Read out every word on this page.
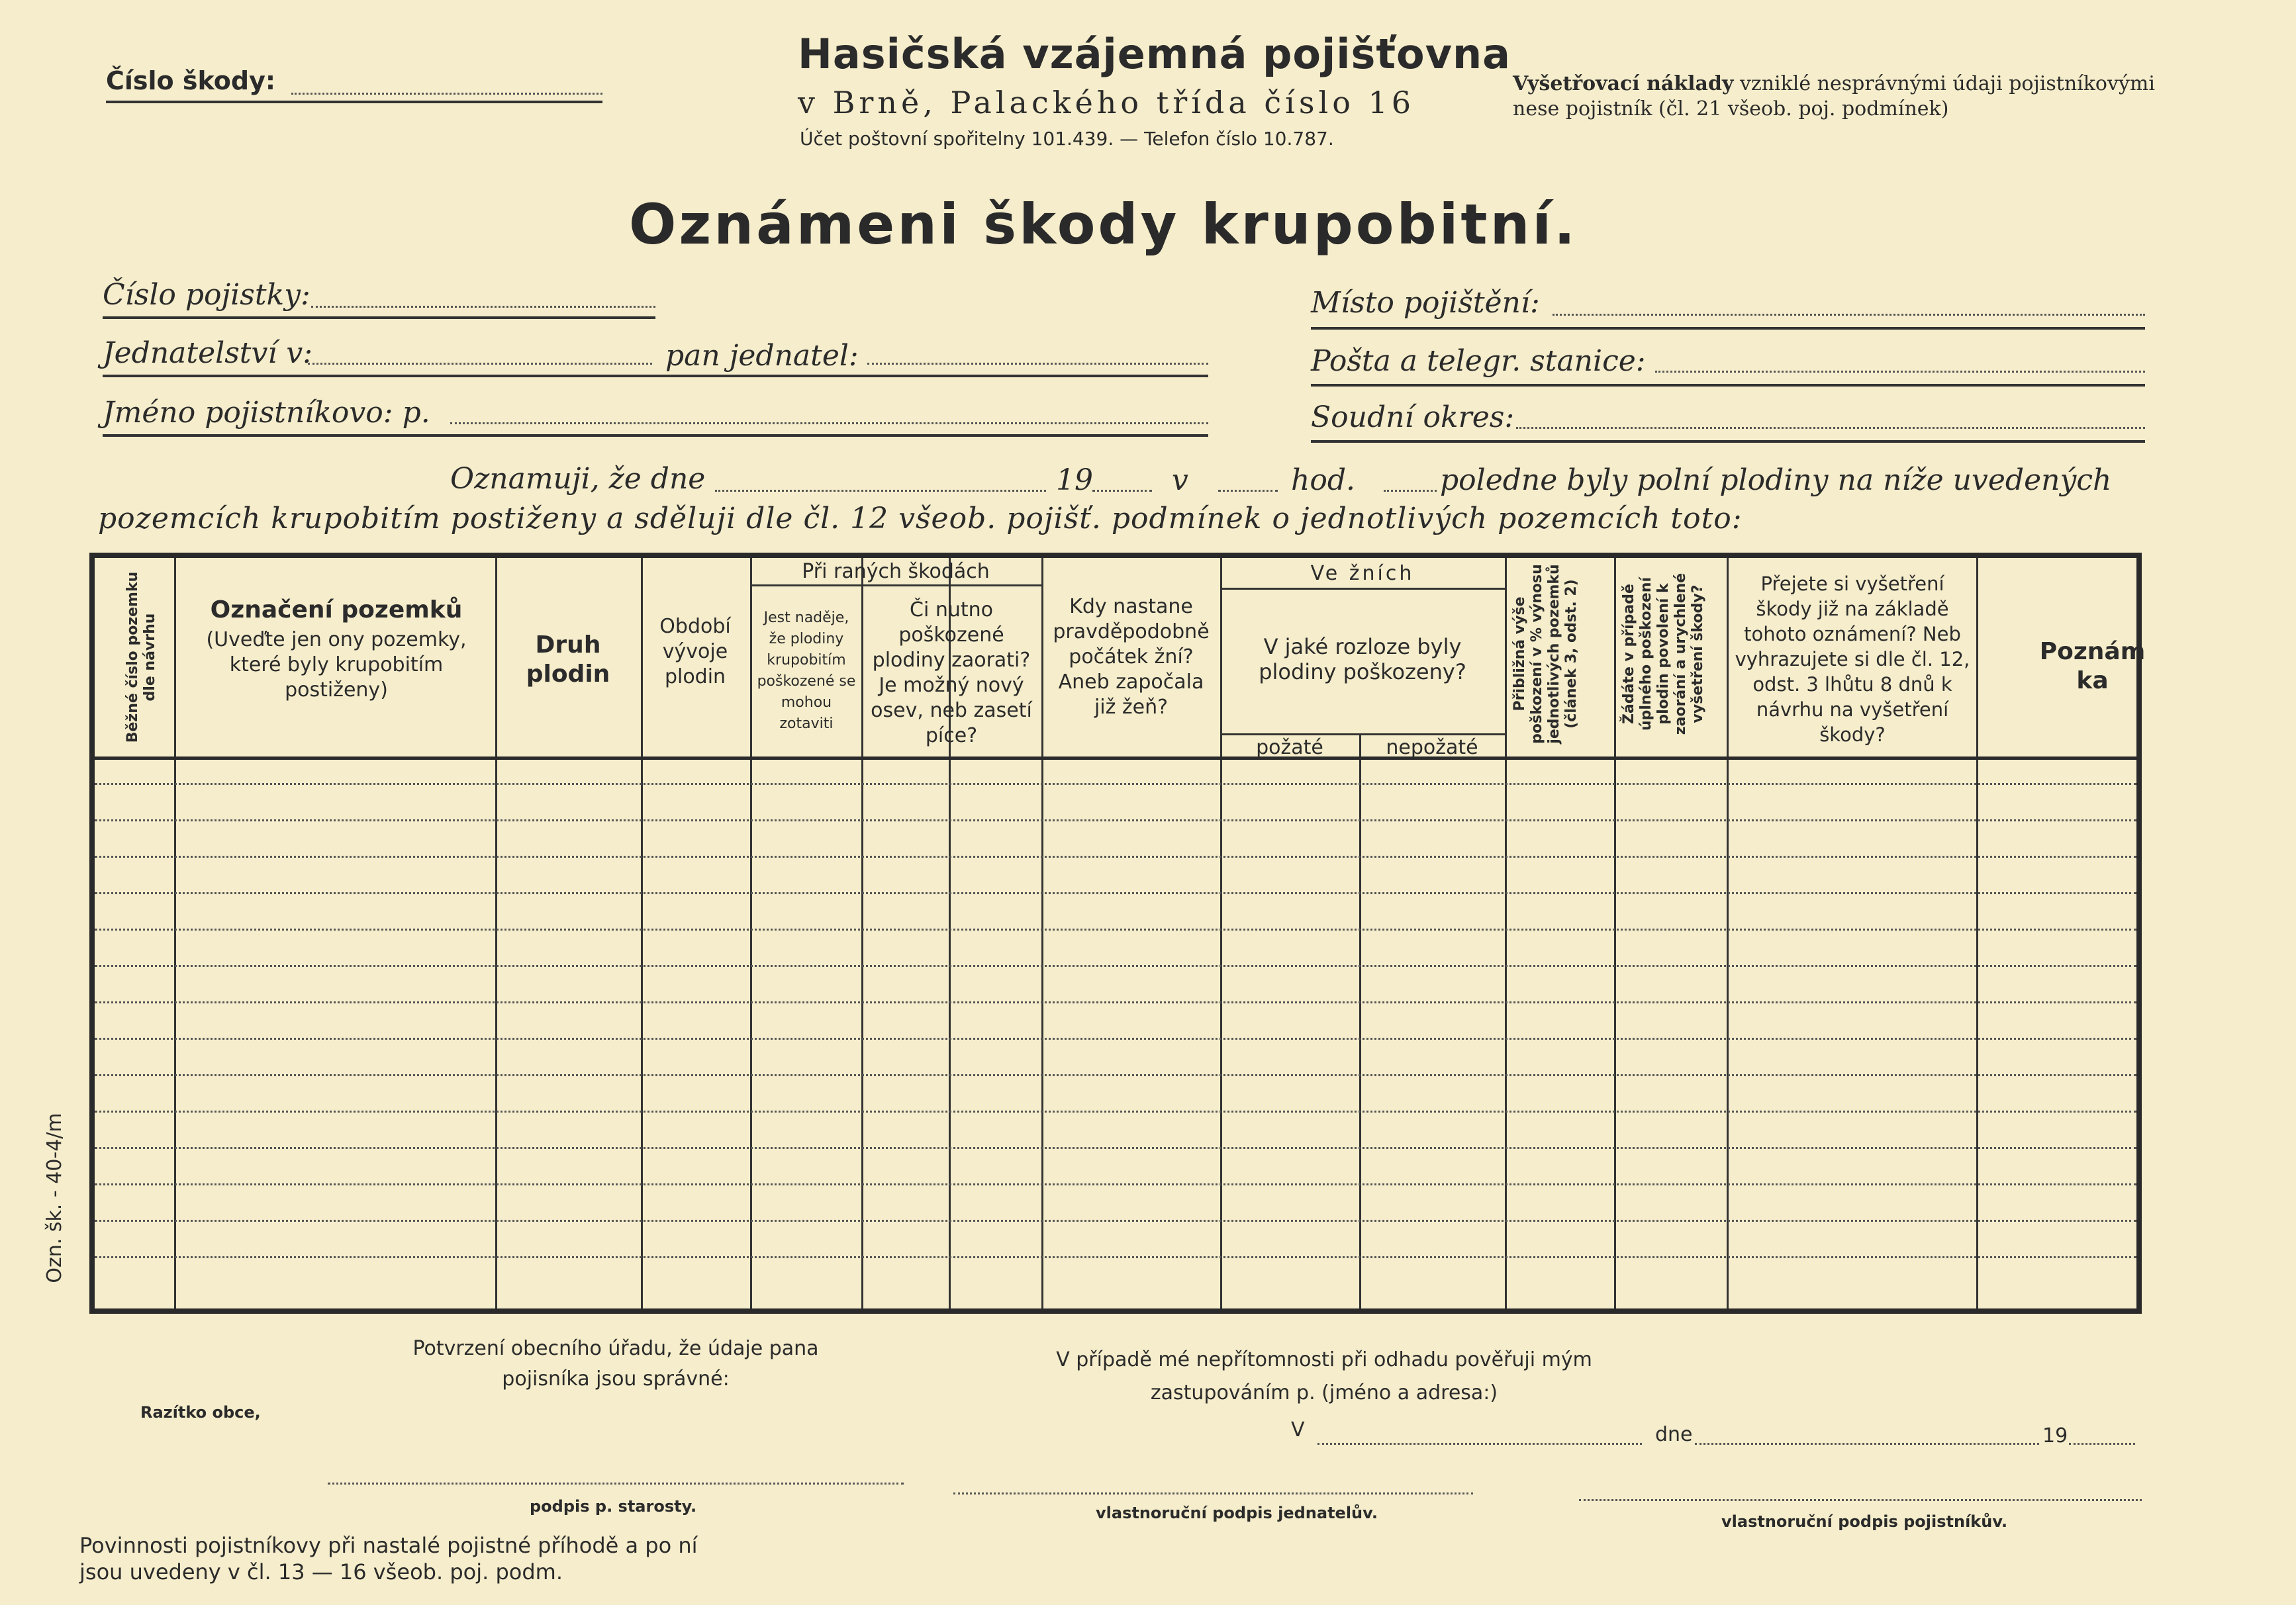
Číslo škody:
Hasičská vzájemná pojišťovna
v Brně, Palackého třída číslo 16
Účet poštovní spořitelny 101.439. — Telefon číslo 10.787.
Vyšetřovací náklady vzniklé nesprávnými údaji pojistníkovými nese pojistník (čl. 21 všeob. poj. podmínek)
Oznámeni škody krupobitní.
Číslo pojistky:
Jednatelství v:	pan jednatel:
Jméno pojistníkovo: p.
Místo pojištění:
Pošta a telegr. stanice:
Soudní okres:
Oznamuji, že dne	19	v	hod.	poledne byly polní plodiny na níže uvedených
pozemcích krupobitím postiženy a sděluji dle čl. 12 všeob. pojišť. podmínek o jednotlivých pozemcích toto:
Běžné číslo pozemku dle návrhu
Označení pozemků
(Uveďte jen ony pozemky, které byly krupobitím postiženy)
Druh plodin
Období vývoje plodin
Při raných škodách
Jest naděje, že plodiny krupobitím poškozené se mohou zotaviti
Či nutno poškozené plodiny zaorati? Je možný nový osev, neb zasetí píce?
Kdy nastane pravděpodobně počátek žní? Aneb započala již žeň?
Ve žních
V jaké rozloze byly plodiny poškozeny?
požaté	nepožaté
Přibližná výše poškození v % výnosu jednotlivých pozemků (článek 3, odst. 2)	Žádáte v případě úplného poškození plodin povolení k zaorání a urychlené vyšetření škody?
Přejete si vyšetření škody již na základě tohoto oznámení? Neb vyhrazujete si dle čl. 12, odst. 3 lhůtu 8 dnů k návrhu na vyšetření škody?
Poznámka
Ozn. šk. - 40-4/m
Potvrzení obecního úřadu, že údaje pana pojisníka jsou správné:
Razítko obce,
podpis p. starosty.
V případě mé nepřítomnosti při odhadu pověřuji mým zastupováním p. (jméno a adresa:)
V	dne	19
vlastnoruční podpis jednatelův.	vlastnoruční podpis pojistníkův.
Povinnosti pojistníkovy při nastalé pojistné příhodě a po ní jsou uvedeny v čl. 13 — 16 všeob. poj. podm.
